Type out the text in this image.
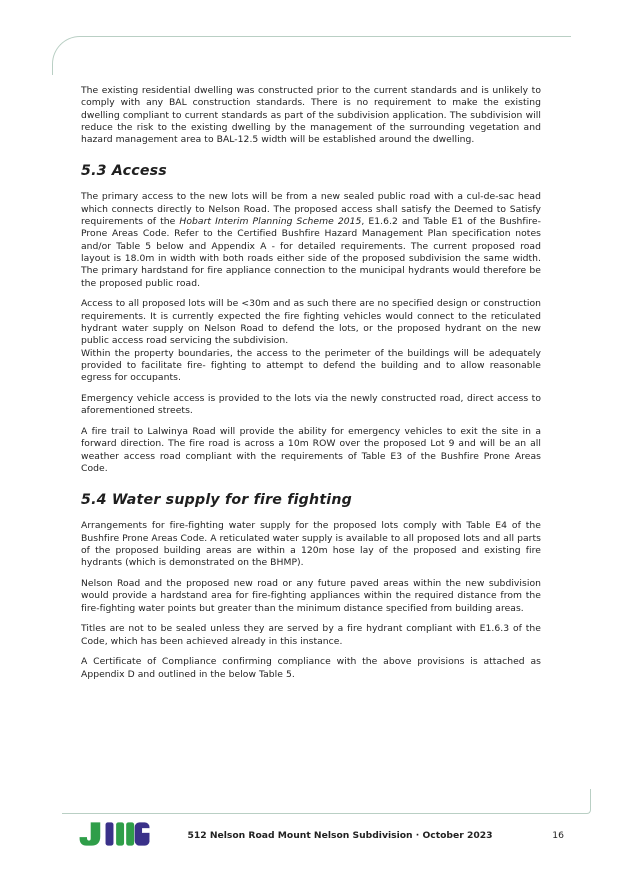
The existing residential dwelling was constructed prior to the current standards and is unlikely to comply with any BAL construction standards. There is no requirement to make the existing dwelling compliant to current standards as part of the subdivision application. The subdivision will reduce the risk to the existing dwelling by the management of the surrounding vegetation and hazard management area to BAL-12.5 width will be established around the dwelling.

5.3 Access

The primary access to the new lots will be from a new sealed public road with a cul-de-sac head which connects directly to Nelson Road. The proposed access shall satisfy the Deemed to Satisfy requirements of the Hobart Interim Planning Scheme 2015, E1.6.2 and Table E1 of the Bushfire-Prone Areas Code. Refer to the Certified Bushfire Hazard Management Plan specification notes and/or Table 5 below and Appendix A - for detailed requirements. The current proposed road layout is 18.0m in width with both roads either side of the proposed subdivision the same width. The primary hardstand for fire appliance connection to the municipal hydrants would therefore be the proposed public road.

Access to all proposed lots will be <30m and as such there are no specified design or construction requirements. It is currently expected the fire fighting vehicles would connect to the reticulated hydrant water supply on Nelson Road to defend the lots, or the proposed hydrant on the new public access road servicing the subdivision.

Within the property boundaries, the access to the perimeter of the buildings will be adequately provided to facilitate fire- fighting to attempt to defend the building and to allow reasonable egress for occupants.

Emergency vehicle access is provided to the lots via the newly constructed road, direct access to aforementioned streets.

A fire trail to Lalwinya Road will provide the ability for emergency vehicles to exit the site in a forward direction. The fire road is across a 10m ROW over the proposed Lot 9 and will be an all weather access road compliant with the requirements of Table E3 of the Bushfire Prone Areas Code.

5.4 Water supply for fire fighting

Arrangements for fire-fighting water supply for the proposed lots comply with Table E4 of the Bushfire Prone Areas Code. A reticulated water supply is available to all proposed lots and all parts of the proposed building areas are within a 120m hose lay of the proposed and existing fire hydrants (which is demonstrated on the BHMP).

Nelson Road and the proposed new road or any future paved areas within the new subdivision would provide a hardstand area for fire-fighting appliances within the required distance from the fire-fighting water points but greater than the minimum distance specified from building areas.

Titles are not to be sealed unless they are served by a fire hydrant compliant with E1.6.3 of the Code, which has been achieved already in this instance.

A Certificate of Compliance confirming compliance with the above provisions is attached as Appendix D and outlined in the below Table 5.

512 Nelson Road Mount Nelson Subdivision · October 2023	16
